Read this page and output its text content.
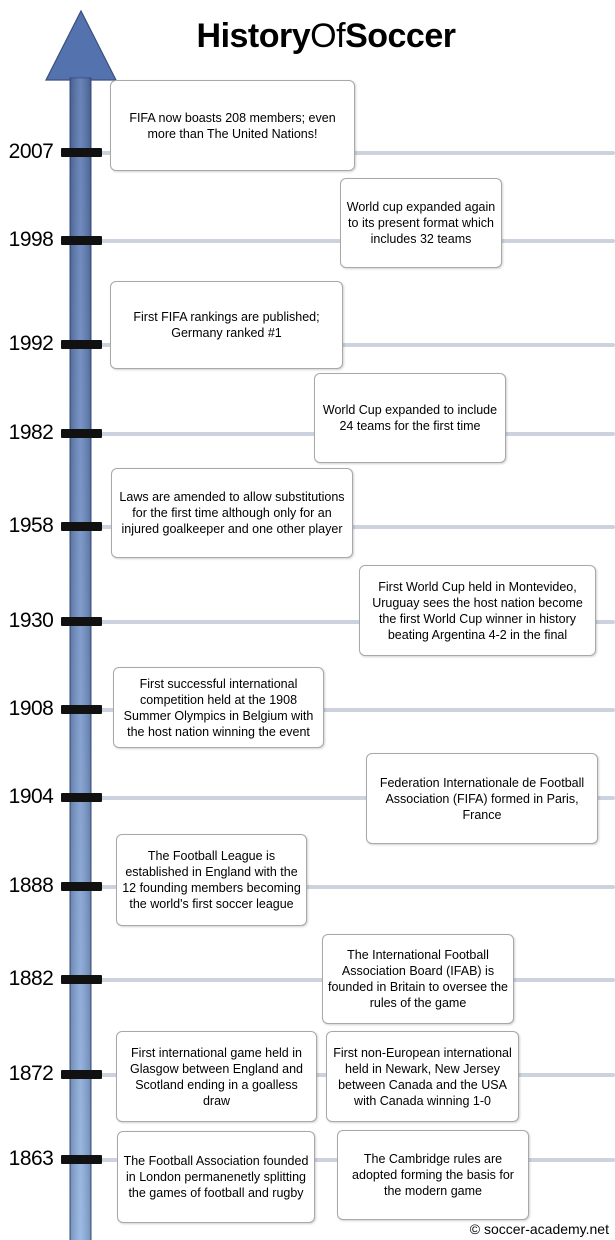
HistoryOfSoccer
2007
1998
1992
1982
1958
1930
1908
1904
1888
1882
1872
1863
FIFA now boasts 208 members; even more than The United Nations!
World cup expanded again to its present format which includes 32 teams
First FIFA rankings are published; Germany ranked #1
World Cup expanded to include 24 teams for the first time
Laws are amended to allow substitutions for the first time although only for an injured goalkeeper and one other player
First World Cup held in Montevideo, Uruguay sees the host nation become the first World Cup winner in history beating Argentina 4-2 in the final
First successful international competition held at the 1908 Summer Olympics in Belgium with the host nation winning the event
Federation Internationale de Football Association (FIFA) formed in Paris, France
The Football League is established in England with the 12 founding members becoming the world's first soccer league
The International Football Association Board (IFAB) is founded in Britain to oversee the rules of the game
First international game held in Glasgow between England and Scotland ending in a goalless draw
First non-European international held in Newark, New Jersey between Canada and the USA with Canada winning 1-0
The Football Association founded in London permanenetly splitting the games of football and rugby
The Cambridge rules are adopted forming the basis for the modern game
© soccer-academy.net
